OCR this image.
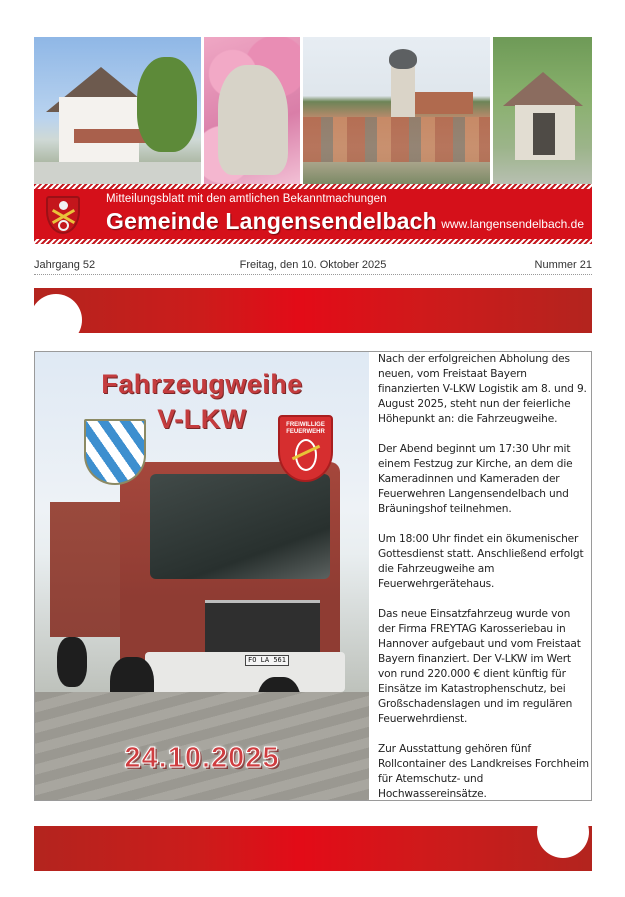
Mitteilungsblatt mit den amtlichen Bekanntmachungen
Gemeinde Langensendelbach www.langensendelbach.de
Jahrgang 52	Freitag, den 10. Oktober 2025	Nummer 21
FO LA 561
Fahrzeugweihe
V-LKW	FREIWILLIGE FEUERWEHR
24.10.2025

Nach der erfolgreichen Abholung des neuen, vom Freistaat Bayern finanzierten V-LKW Logistik am 8. und 9. August 2025, steht nun der feierliche Höhepunkt an: die Fahrzeugweihe.

Der Abend beginnt um 17:30 Uhr mit einem Festzug zur Kirche, an dem die Kameradinnen und Kameraden der Feuerwehren Langensendelbach und Bräuningshof teilnehmen.

Um 18:00 Uhr findet ein ökumenischer Gottesdienst statt. Anschließend erfolgt die Fahrzeugweihe am Feuerwehrgerätehaus.

Das neue Einsatzfahrzeug wurde von der Firma FREYTAG Karosseriebau in Hannover aufgebaut und vom Freistaat Bayern finanziert. Der V-LKW im Wert von rund 220.000 € dient künftig für Einsätze im Katastrophenschutz, bei Großschadenslagen und im regulären Feuerwehrdienst.

Zur Ausstattung gehören fünf Rollcontainer des Landkreises Forchheim für Atemschutz- und Hochwassereinsätze.
